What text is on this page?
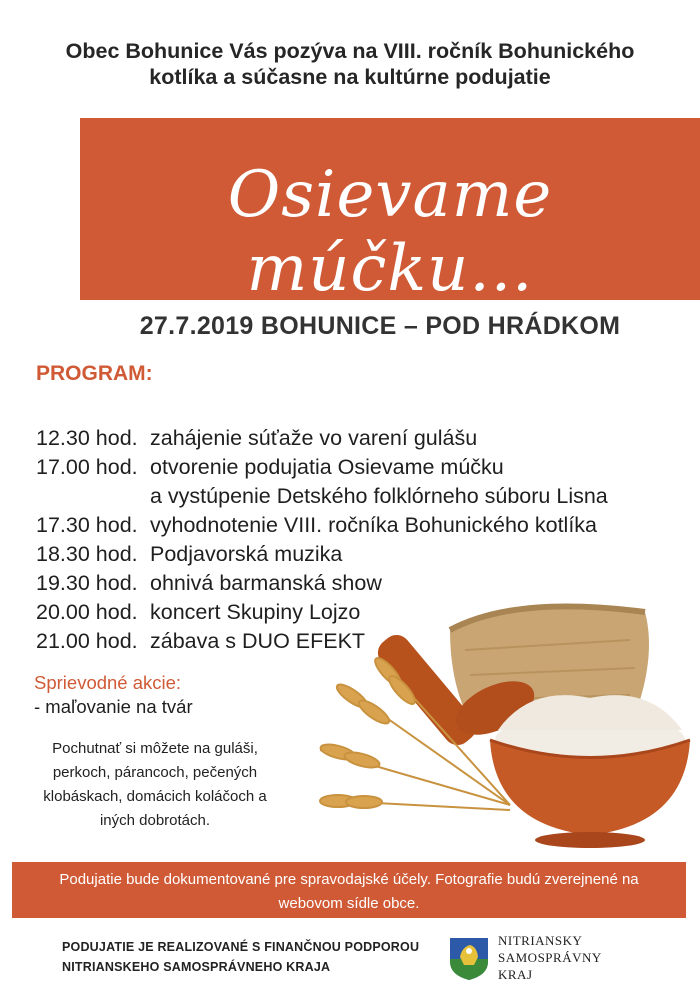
Obec Bohunice Vás pozýva na VIII. ročník Bohunického
kotlíka a súčasne na kultúrne podujatie
Osievame múčku...
27.7.2019 BOHUNICE – POD HRÁDKOM
PROGRAM:
12.30 hod. zahájenie súťaže vo varení gulášu
17.00 hod. otvorenie podujatia Osievame múčku
a vystúpenie Detského folklórneho súboru Lisna
17.30 hod. vyhodnotenie VIII. ročníka Bohunického kotlíka
18.30 hod. Podjavorská muzika
19.30 hod. ohnivá barmanská show
20.00 hod. koncert Skupiny Lojzo
21.00 hod. zábava s DUO EFEKT
Sprievodné akcie:
- maľovanie na tvár
Pochutnať si môžete na guláši,
perkoch, párancoch, pečených
klobáskach, domácich koláčoch a
iných dobrotách.
Podujatie bude dokumentované pre spravodajské účely. Fotografie budú zverejnené na
webovom sídle obce.
PODUJATIE JE REALIZOVANÉ S FINANČNOU PODPOROU
NITRIANSKEHO SAMOSPRÁVNEHO KRAJA
NITRIANSKY
SAMOSPRÁVNY
KRAJ
